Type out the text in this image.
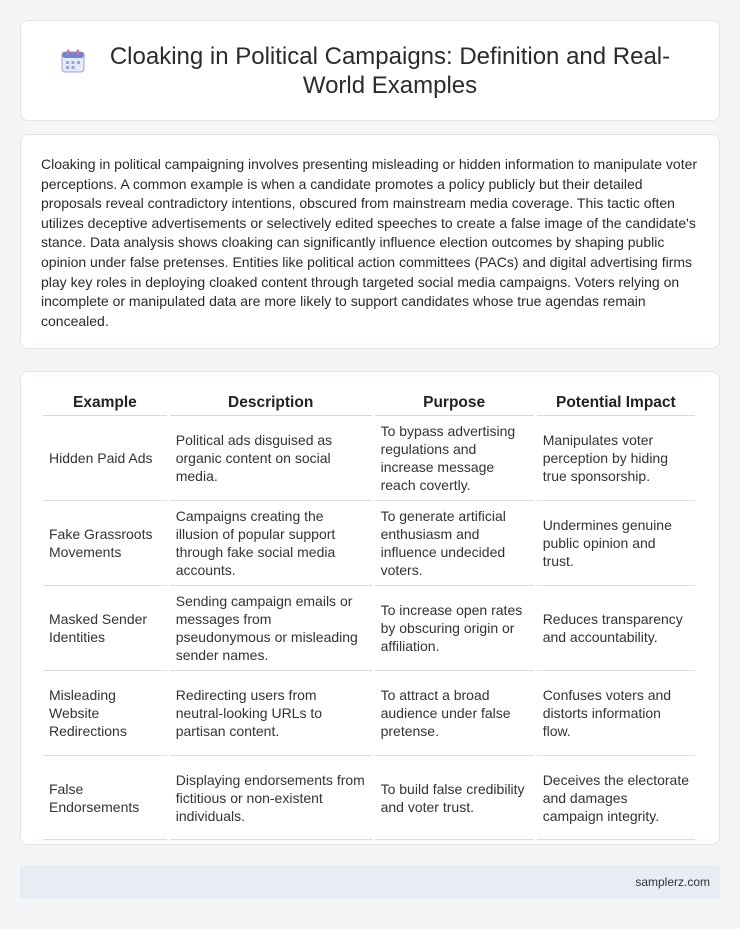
Cloaking in Political Campaigns: Definition and Real-World Examples

Cloaking in political campaigning involves presenting misleading or hidden information to manipulate voter perceptions. A common example is when a candidate promotes a policy publicly but their detailed proposals reveal contradictory intentions, obscured from mainstream media coverage. This tactic often utilizes deceptive advertisements or selectively edited speeches to create a false image of the candidate's stance. Data analysis shows cloaking can significantly influence election outcomes by shaping public opinion under false pretenses. Entities like political action committees (PACs) and digital advertising firms play key roles in deploying cloaked content through targeted social media campaigns. Voters relying on incomplete or manipulated data are more likely to support candidates whose true agendas remain concealed.

Example	Description	Purpose	Potential Impact
Hidden Paid Ads	Political ads disguised as organic content on social media.	To bypass advertising regulations and increase message reach covertly.	Manipulates voter perception by hiding true sponsorship.
Fake Grassroots Movements	Campaigns creating the illusion of popular support through fake social media accounts.	To generate artificial enthusiasm and influence undecided voters.	Undermines genuine public opinion and trust.
Masked Sender Identities	Sending campaign emails or messages from pseudonymous or misleading sender names.	To increase open rates by obscuring origin or affiliation.	Reduces transparency and accountability.
Misleading Website Redirections	Redirecting users from neutral-looking URLs to partisan content.	To attract a broad audience under false pretense.	Confuses voters and distorts information flow.
False Endorsements	Displaying endorsements from fictitious or non-existent individuals.	To build false credibility and voter trust.	Deceives the electorate and damages campaign integrity.
samplerz.com
